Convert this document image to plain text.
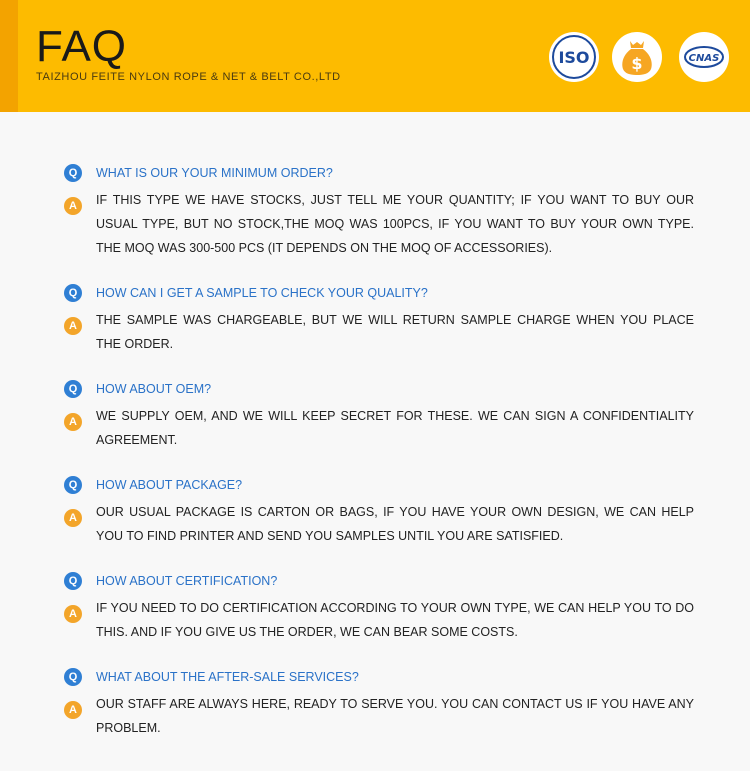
FAQ
TAIZHOU FEITE NYLON ROPE & NET & BELT CO.,LTD
ISO	$	CNAS
Q	WHAT IS OUR YOUR MINIMUM ORDER?
A	IF THIS TYPE WE HAVE STOCKS, JUST TELL ME YOUR QUANTITY; IF YOU WANT TO BUY OUR USUAL TYPE, BUT NO STOCK,THE MOQ WAS 100PCS, IF YOU WANT TO BUY YOUR OWN TYPE. THE MOQ WAS 300-500 PCS (IT DEPENDS ON THE MOQ OF ACCESSORIES).
Q	HOW CAN I GET A SAMPLE TO CHECK YOUR QUALITY?
A	THE SAMPLE WAS CHARGEABLE, BUT WE WILL RETURN SAMPLE CHARGE WHEN YOU PLACE THE ORDER.
Q	HOW ABOUT OEM?
A	WE SUPPLY OEM, AND WE WILL KEEP SECRET FOR THESE. WE CAN SIGN A CONFIDENTIALITY AGREEMENT.
Q	HOW ABOUT PACKAGE?
A	OUR USUAL PACKAGE IS CARTON OR BAGS, IF YOU HAVE YOUR OWN DESIGN, WE CAN HELP YOU TO FIND PRINTER AND SEND YOU SAMPLES UNTIL YOU ARE SATISFIED.
Q	HOW ABOUT CERTIFICATION?
A	IF YOU NEED TO DO CERTIFICATION ACCORDING TO YOUR OWN TYPE, WE CAN HELP YOU TO DO THIS. AND IF YOU GIVE US THE ORDER, WE CAN BEAR SOME COSTS.
Q	WHAT ABOUT THE AFTER-SALE SERVICES?
A	OUR STAFF ARE ALWAYS HERE, READY TO SERVE YOU. YOU CAN CONTACT US IF YOU HAVE ANY PROBLEM.
